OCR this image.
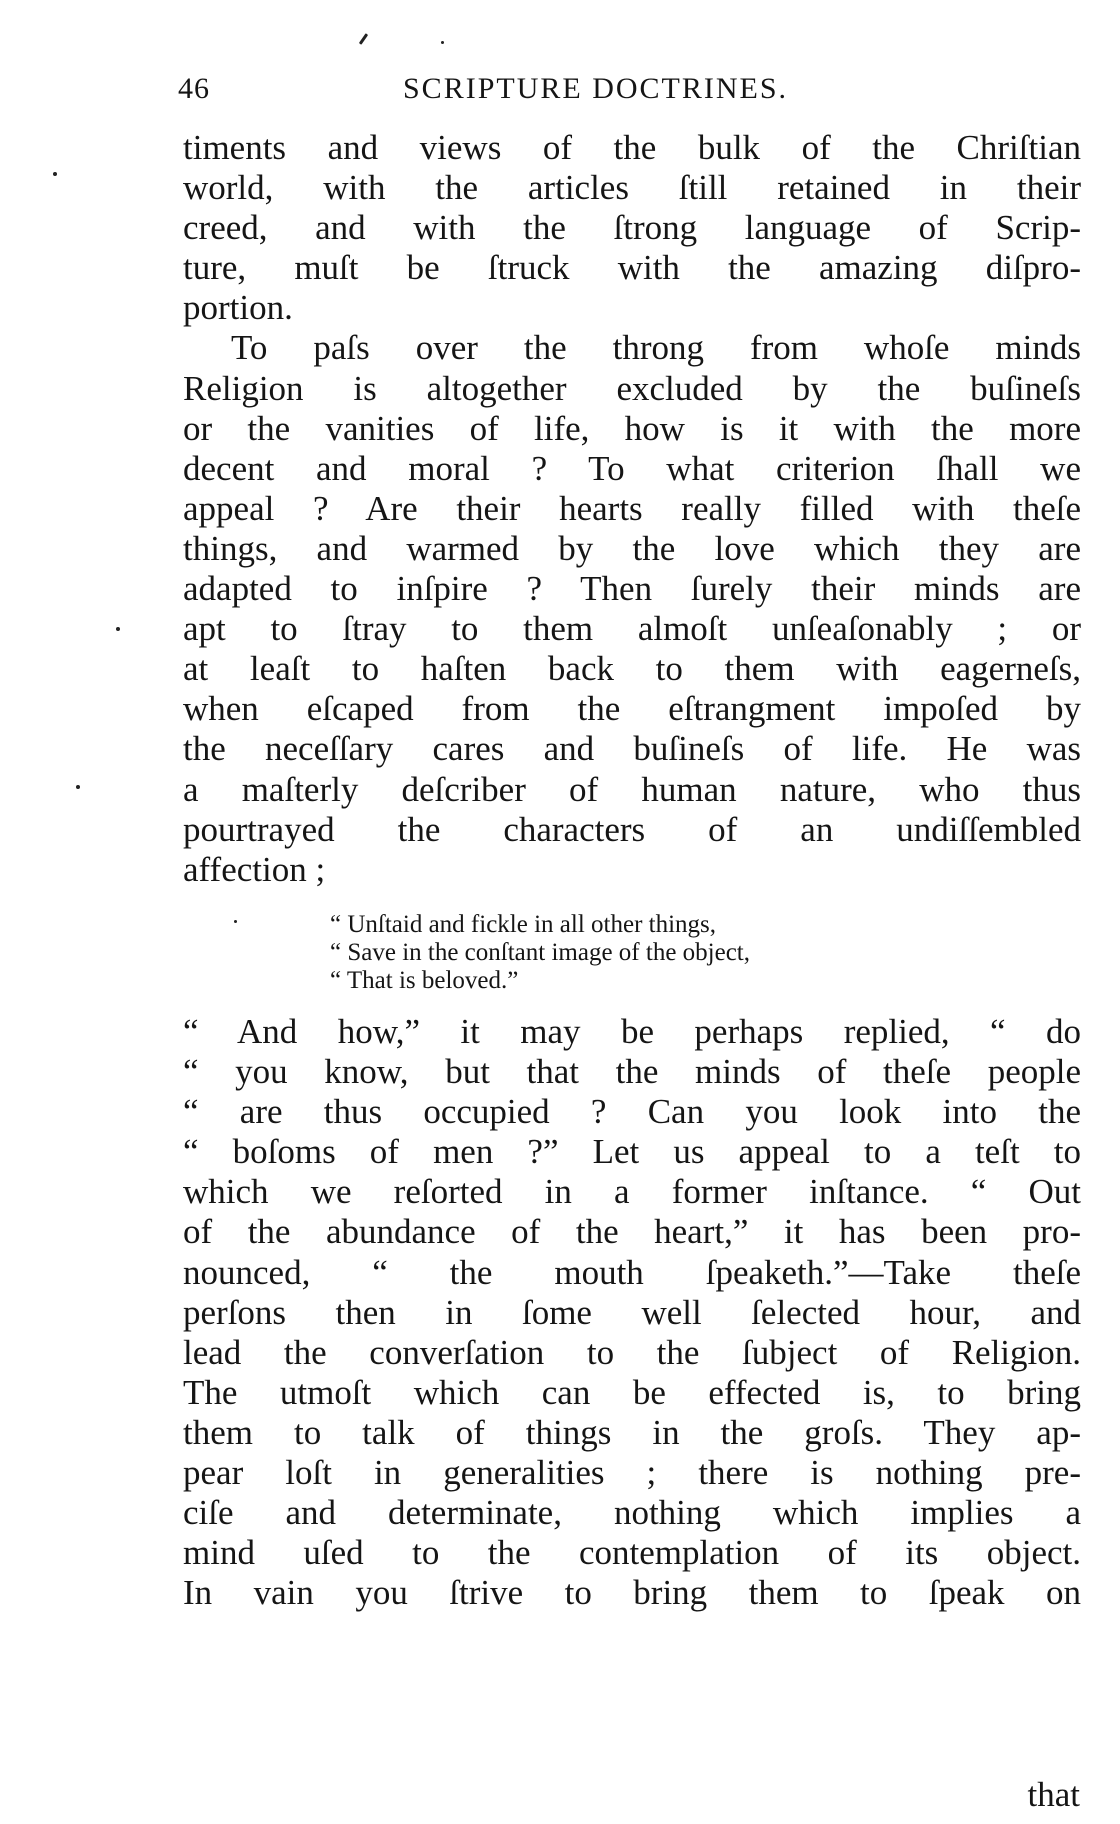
46	SCRIPTURE DOCTRINES.
timents and views of the bulk of the Chriſtian
world, with the articles ſtill retained in their
creed, and with the ſtrong language of Scrip-
ture, muſt be ſtruck with the amazing diſpro-
portion.
To paſs over the throng from whoſe minds
Religion is altogether excluded by the buſineſs
or the vanities of life, how is it with the more
decent and moral ? To what criterion ſhall we
appeal ? Are their hearts really filled with theſe
things, and warmed by the love which they are
adapted to inſpire ? Then ſurely their minds are
apt to ſtray to them almoſt unſeaſonably ; or
at leaſt to haſten back to them with eagerneſs,
when eſcaped from the eſtrangment impoſed by
the neceſſary cares and buſineſs of life. He was
a maſterly deſcriber of human nature, who thus
pourtrayed the characters of an undiſſembled
affection ;
“ Unſtaid and fickle in all other things,
“ Save in the conſtant image of the object,
“ That is beloved.”
“ And how,” it may be perhaps replied, “ do
“ you know, but that the minds of theſe people
“ are thus occupied ? Can you look into the
“ boſoms of men ?” Let us appeal to a teſt to
which we reſorted in a former inſtance. “ Out
of the abundance of the heart,” it has been pro-
nounced, “ the mouth ſpeaketh.”—Take theſe
perſons then in ſome well ſelected hour, and
lead the converſation to the ſubject of Religion.
The utmoſt which can be effected is, to bring
them to talk of things in the groſs. They ap-
pear loſt in generalities ; there is nothing pre-
ciſe and determinate, nothing which implies a
mind uſed to the contemplation of its object.
In vain you ſtrive to bring them to ſpeak on
that
